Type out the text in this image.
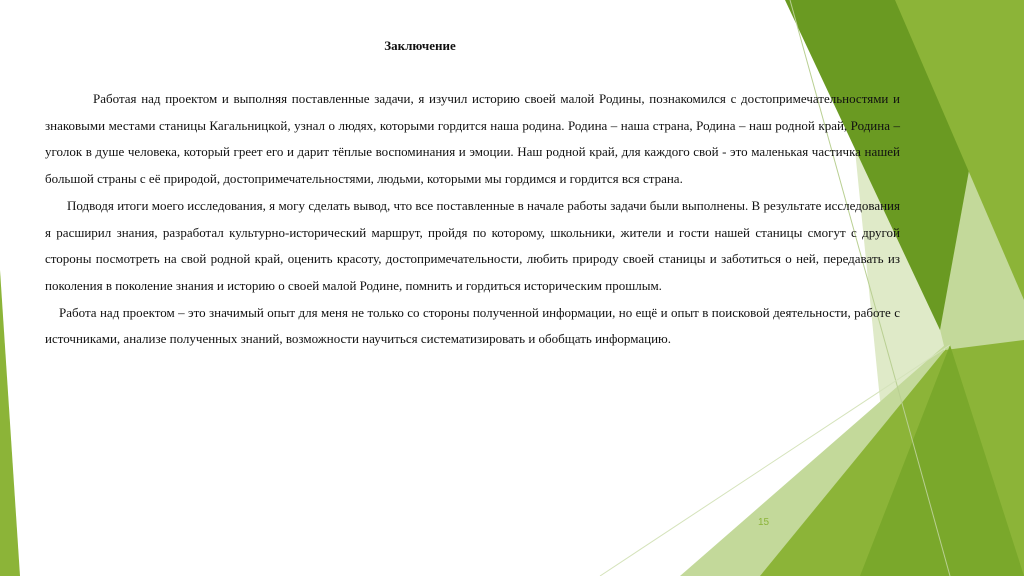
Заключение

Работая над проектом и выполняя поставленные задачи, я изучил историю своей малой Родины, познакомился с достопримечательностями и знаковыми местами станицы Кагальницкой, узнал о людях, которыми гордится наша родина. Родина – наша страна, Родина – наш родной край, Родина – уголок в душе человека, который греет его и дарит тёплые воспоминания и эмоции. Наш родной край, для каждого свой - это маленькая частичка нашей большой страны с её природой, достопримечательностями, людьми, которыми мы гордимся и гордится вся страна.

Подводя итоги моего исследования, я могу сделать вывод, что все поставленные в начале работы задачи были выполнены. В результате исследования я расширил знания, разработал культурно-исторический маршрут, пройдя по которому, школьники, жители и гости нашей станицы смогут с другой стороны посмотреть на свой родной край, оценить красоту, достопримечательности, любить природу своей станицы и заботиться о ней, передавать из поколения в поколение знания и историю о своей малой Родине, помнить и гордиться историческим прошлым.

Работа над проектом – это значимый опыт для меня не только со стороны полученной информации, но ещё и опыт в поисковой деятельности, работе с источниками, анализе полученных знаний, возможности научиться систематизировать и обобщать информацию.

15
